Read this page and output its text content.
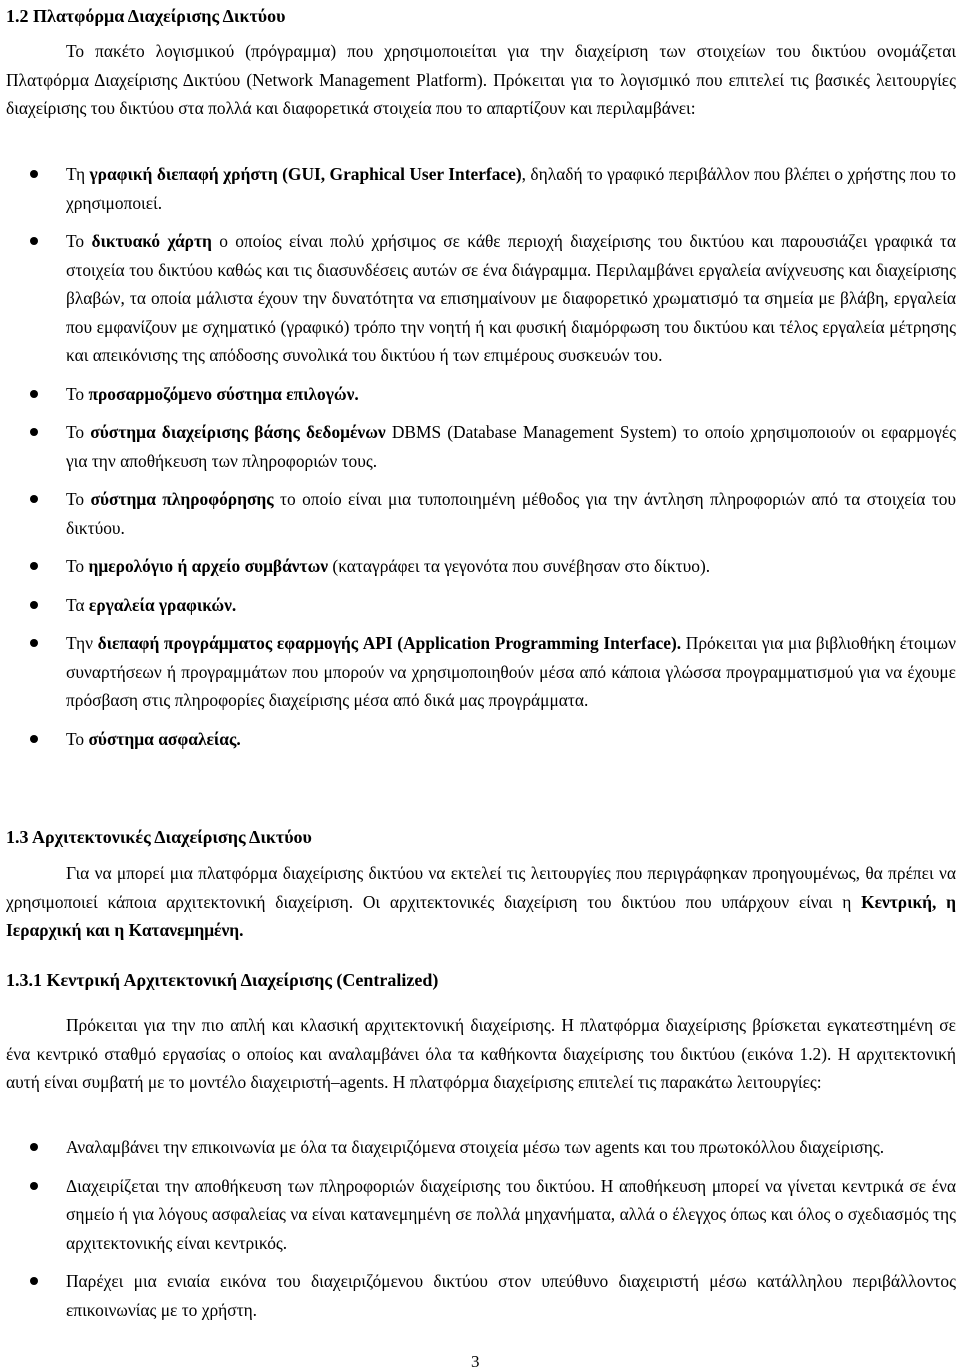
1.2 Πλατφόρμα Διαχείρισης Δικτύου

Το πακέτο λογισμικού (πρόγραμμα) που χρησιμοποιείται για την διαχείριση των στοιχείων του δικτύου ονομάζεται Πλατφόρμα Διαχείρισης Δικτύου (Network Management Platform). Πρόκειται για το λογισμικό που επιτελεί τις βασικές λειτουργίες διαχείρισης του δικτύου στα πολλά και διαφορετικά στοιχεία που το απαρτίζουν και περιλαμβάνει:

Τη γραφική διεπαφή χρήστη (GUI, Graphical User Interface), δηλαδή το γραφικό περιβάλλον που βλέπει ο χρήστης που το χρησιμοποιεί.
Το δικτυακό χάρτη ο οποίος είναι πολύ χρήσιμος σε κάθε περιοχή διαχείρισης του δικτύου και παρουσιάζει γραφικά τα στοιχεία του δικτύου καθώς και τις διασυνδέσεις αυτών σε ένα διάγραμμα. Περιλαμβάνει εργαλεία ανίχνευσης και διαχείρισης βλαβών, τα οποία μάλιστα έχουν την δυνατότητα να επισημαίνουν με διαφορετικό χρωματισμό τα σημεία με βλάβη, εργαλεία που εμφανίζουν με σχηματικό (γραφικό) τρόπο την νοητή ή και φυσική διαμόρφωση του δικτύου και τέλος εργαλεία μέτρησης και απεικόνισης της απόδοσης συνολικά του δικτύου ή των επιμέρους συσκευών του.
Το προσαρμοζόμενο σύστημα επιλογών.
Το σύστημα διαχείρισης βάσης δεδομένων DBMS (Database Management System) το οποίο χρησιμοποιούν οι εφαρμογές για την αποθήκευση των πληροφοριών τους.
Το σύστημα πληροφόρησης το οποίο είναι μια τυποποιημένη μέθοδος για την άντληση πληροφοριών από τα στοιχεία του δικτύου.
Το ημερολόγιο ή αρχείο συμβάντων (καταγράφει τα γεγονότα που συνέβησαν στο δίκτυο).
Τα εργαλεία γραφικών.
Την διεπαφή προγράμματος εφαρμογής API (Application Programming Interface). Πρόκειται για μια βιβλιοθήκη έτοιμων συναρτήσεων ή προγραμμάτων που μπορούν να χρησιμοποιηθούν μέσα από κάποια γλώσσα προγραμματισμού για να έχουμε πρόσβαση στις πληροφορίες διαχείρισης μέσα από δικά μας προγράμματα.
Το σύστημα ασφαλείας.
1.3 Αρχιτεκτονικές Διαχείρισης Δικτύου

Για να μπορεί μια πλατφόρμα διαχείρισης δικτύου να εκτελεί τις λειτουργίες που περιγράφηκαν προηγουμένως, θα πρέπει να χρησιμοποιεί κάποια αρχιτεκτονική διαχείριση. Οι αρχιτεκτονικές διαχείριση του δικτύου που υπάρχουν είναι η Κεντρική, η Ιεραρχική και η Κατανεμημένη.

1.3.1 Κεντρική Αρχιτεκτονική Διαχείρισης (Centralized)

Πρόκειται για την πιο απλή και κλασική αρχιτεκτονική διαχείρισης. Η πλατφόρμα διαχείρισης βρίσκεται εγκατεστημένη σε ένα κεντρικό σταθμό εργασίας ο οποίος και αναλαμβάνει όλα τα καθήκοντα διαχείρισης του δικτύου (εικόνα 1.2). Η αρχιτεκτονική αυτή είναι συμβατή με το μοντέλο διαχειριστή–agents. Η πλατφόρμα διαχείρισης επιτελεί τις παρακάτω λειτουργίες:

Αναλαμβάνει την επικοινωνία με όλα τα διαχειριζόμενα στοιχεία μέσω των agents και του πρωτοκόλλου διαχείρισης.
Διαχειρίζεται την αποθήκευση των πληροφοριών διαχείρισης του δικτύου. Η αποθήκευση μπορεί να γίνεται κεντρικά σε ένα σημείο ή για λόγους ασφαλείας να είναι κατανεμημένη σε πολλά μηχανήματα, αλλά ο έλεγχος όπως και όλος ο σχεδιασμός της αρχιτεκτονικής είναι κεντρικός.
Παρέχει μια ενιαία εικόνα του διαχειριζόμενου δικτύου στον υπεύθυνο διαχειριστή μέσω κατάλληλου περιβάλλοντος επικοινωνίας με το χρήστη.
3
